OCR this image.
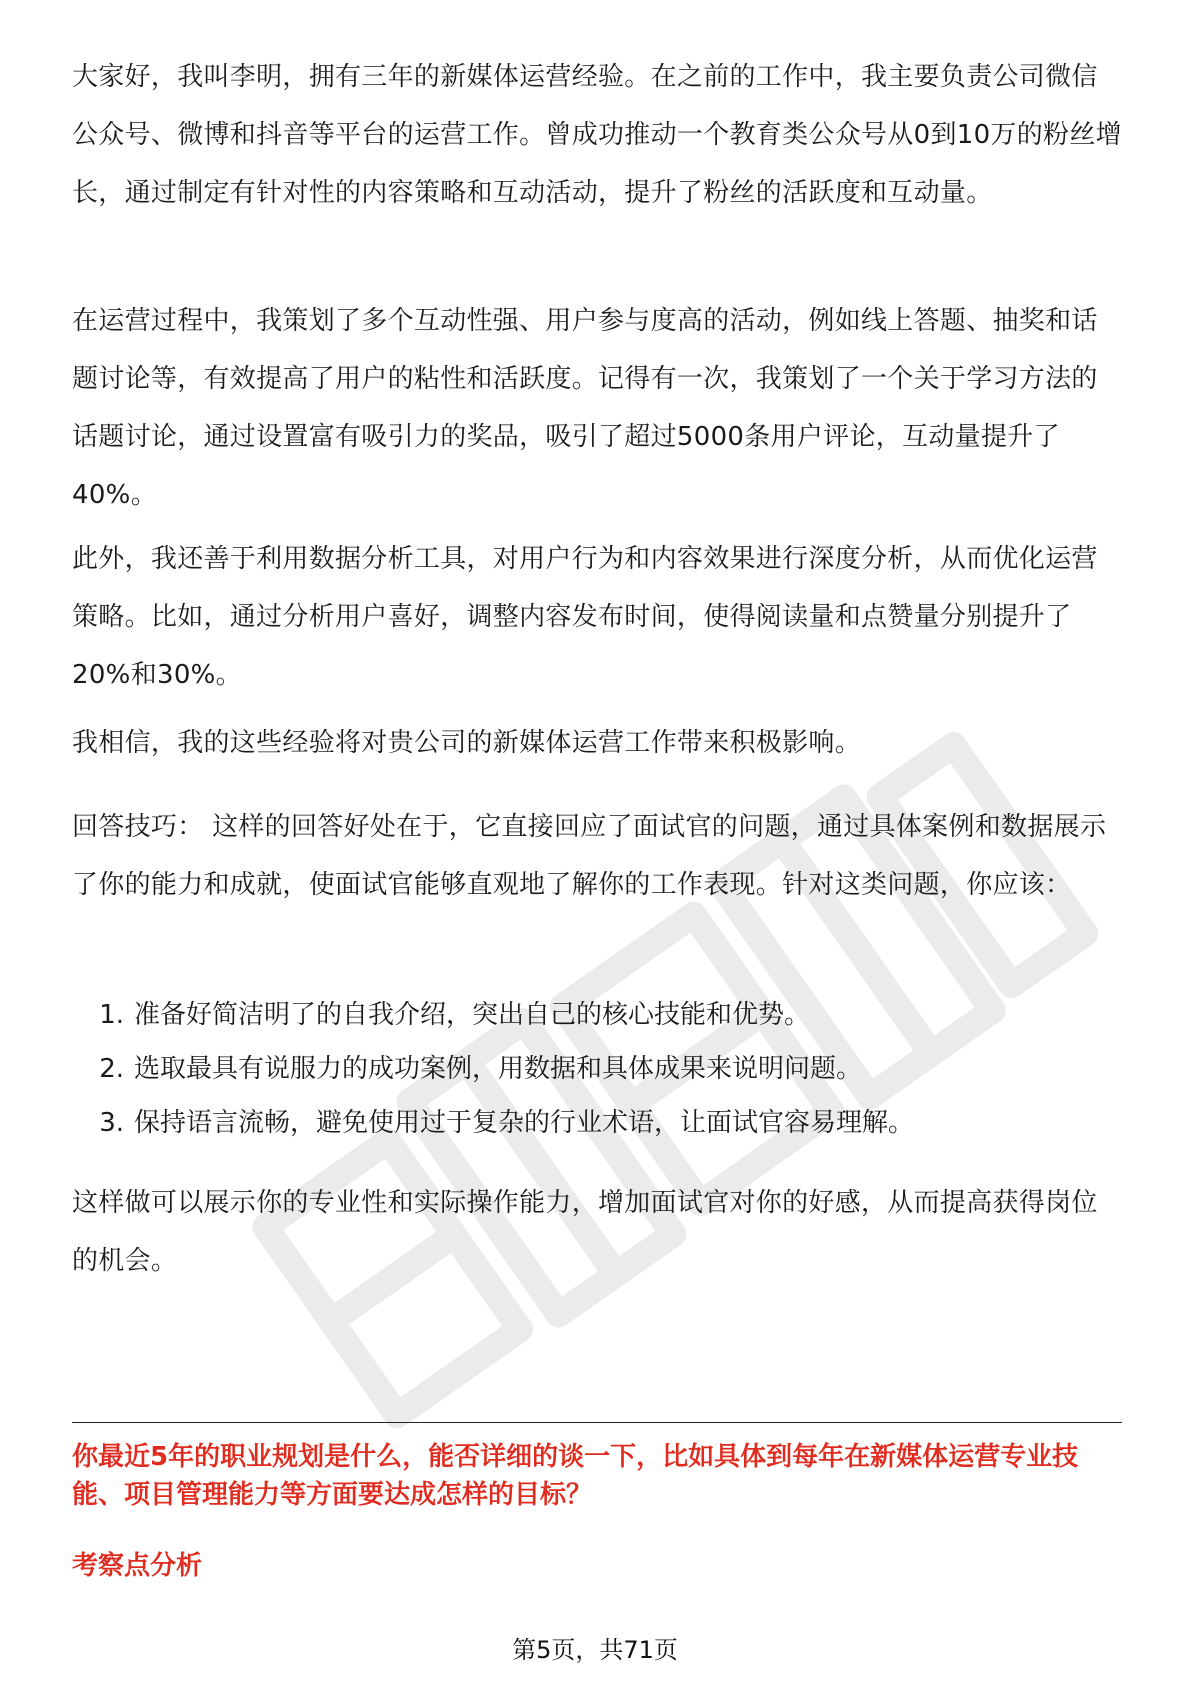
大家好，我叫李明，拥有三年的新媒体运营经验。在之前的工作中，我主要负责公司微信公众号、微博和抖音等平台的运营工作。曾成功推动一个教育类公众号从0到10万的粉丝增长，通过制定有针对性的内容策略和互动活动，提升了粉丝的活跃度和互动量。

在运营过程中，我策划了多个互动性强、用户参与度高的活动，例如线上答题、抽奖和话题讨论等，有效提高了用户的粘性和活跃度。记得有一次，我策划了一个关于学习方法的话题讨论，通过设置富有吸引力的奖品，吸引了超过5000条用户评论，互动量提升了40%。

此外，我还善于利用数据分析工具，对用户行为和内容效果进行深度分析，从而优化运营策略。比如，通过分析用户喜好，调整内容发布时间，使得阅读量和点赞量分别提升了20%和30%。

我相信，我的这些经验将对贵公司的新媒体运营工作带来积极影响。

回答技巧： 这样的回答好处在于，它直接回应了面试官的问题，通过具体案例和数据展示了你的能力和成就，使面试官能够直观地了解你的工作表现。针对这类问题，你应该：

1. 准备好简洁明了的自我介绍，突出自己的核心技能和优势。

2. 选取最具有说服力的成功案例，用数据和具体成果来说明问题。

3. 保持语言流畅，避免使用过于复杂的行业术语，让面试官容易理解。

这样做可以展示你的专业性和实际操作能力，增加面试官对你的好感，从而提高获得岗位的机会。

你最近5年的职业规划是什么，能否详细的谈一下，比如具体到每年在新媒体运营专业技能、项目管理能力等方面要达成怎样的目标？

考察点分析

第5页，共71页
